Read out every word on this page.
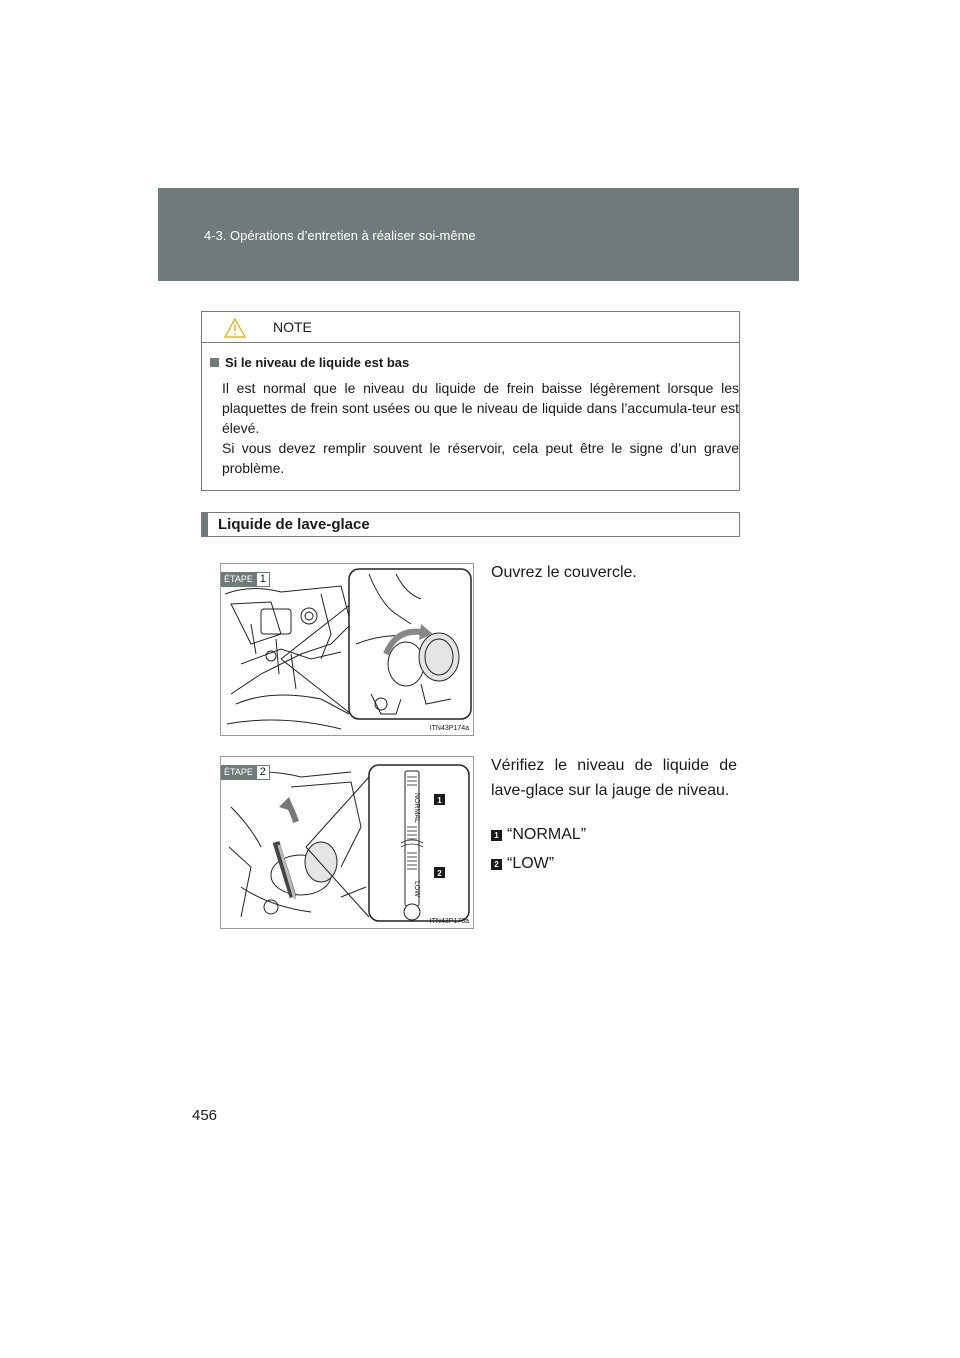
4-3. Opérations d’entretien à réaliser soi-même
NOTE
Si le niveau de liquide est bas

Il est normal que le niveau du liquide de frein baisse légèrement lorsque les plaquettes de frein sont usées ou que le niveau de liquide dans l’accumula-teur est élevé.

Si vous devez remplir souvent le réservoir, cela peut être le signe d’un grave problème.

Liquide de lave-glace
ÉTAPE 1
ITN43P174a
Ouvrez le couvercle.
ÉTAPE 2
NORMAL
LOW
1
2
ITN43P176a
Vérifiez le niveau de liquide de lave-glace sur la jauge de niveau.
1 “NORMAL”
2 “LOW”
456
